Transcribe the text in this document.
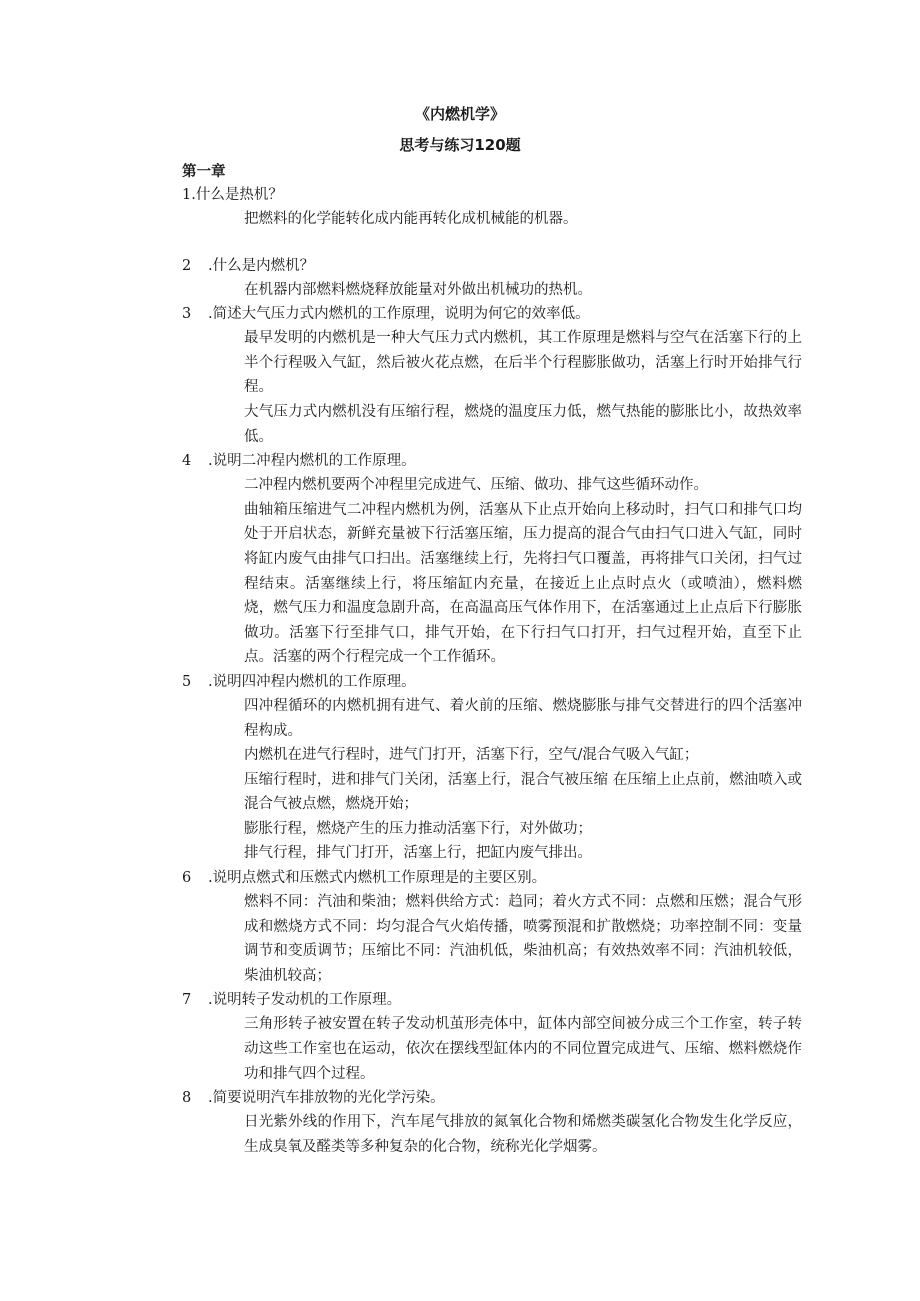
《内燃机学》
思考与练习120题
第一章
1.什么是热机？
把燃料的化学能转化成内能再转化成机械能的机器。
2 .什么是内燃机？
在机器内部燃料燃烧释放能量对外做出机械功的热机。
3 .简述大气压力式内燃机的工作原理，说明为何它的效率低。
最早发明的内燃机是一种大气压力式内燃机，其工作原理是燃料与空气在活塞下行的上半个行程吸入气缸，然后被火花点燃，在后半个行程膨胀做功，活塞上行时开始排气行程。
大气压力式内燃机没有压缩行程，燃烧的温度压力低，燃气热能的膨胀比小，故热效率低。
4 .说明二冲程内燃机的工作原理。
二冲程内燃机要两个冲程里完成进气、压缩、做功、排气这些循环动作。
曲轴箱压缩进气二冲程内燃机为例，活塞从下止点开始向上移动时，扫气口和排气口均处于开启状态，新鲜充量被下行活塞压缩，压力提高的混合气由扫气口进入气缸，同时将缸内废气由排气口扫出。活塞继续上行，先将扫气口覆盖，再将排气口关闭，扫气过程结束。活塞继续上行，将压缩缸内充量，在接近上止点时点火（或喷油），燃料燃烧，燃气压力和温度急剧升高，在高温高压气体作用下，在活塞通过上止点后下行膨胀做功。活塞下行至排气口，排气开始，在下行扫气口打开，扫气过程开始，直至下止点。活塞的两个行程完成一个工作循环。
5 .说明四冲程内燃机的工作原理。
四冲程循环的内燃机拥有进气、着火前的压缩、燃烧膨胀与排气交替进行的四个活塞冲程构成。
内燃机在进气行程时，进气门打开，活塞下行，空气/混合气吸入气缸；
压缩行程时，进和排气门关闭，活塞上行，混合气被压缩 在压缩上止点前，燃油喷入或混合气被点燃，燃烧开始；
膨胀行程，燃烧产生的压力推动活塞下行，对外做功；
排气行程，排气门打开，活塞上行，把缸内废气排出。
6 .说明点燃式和压燃式内燃机工作原理是的主要区别。
燃料不同：汽油和柴油；燃料供给方式：趋同；着火方式不同：点燃和压燃；混合气形成和燃烧方式不同：均匀混合气火焰传播，喷雾预混和扩散燃烧；功率控制不同：变量调节和变质调节；压缩比不同：汽油机低，柴油机高；有效热效率不同：汽油机较低，柴油机较高；
7 .说明转子发动机的工作原理。
三角形转子被安置在转子发动机茧形壳体中，缸体内部空间被分成三个工作室，转子转动这些工作室也在运动，依次在摆线型缸体内的不同位置完成进气、压缩、燃料燃烧作功和排气四个过程。
8 .简要说明汽车排放物的光化学污染。
日光紫外线的作用下，汽车尾气排放的氮氧化合物和烯燃类碳氢化合物发生化学反应，生成臭氧及醛类等多种复杂的化合物，统称光化学烟雾。
